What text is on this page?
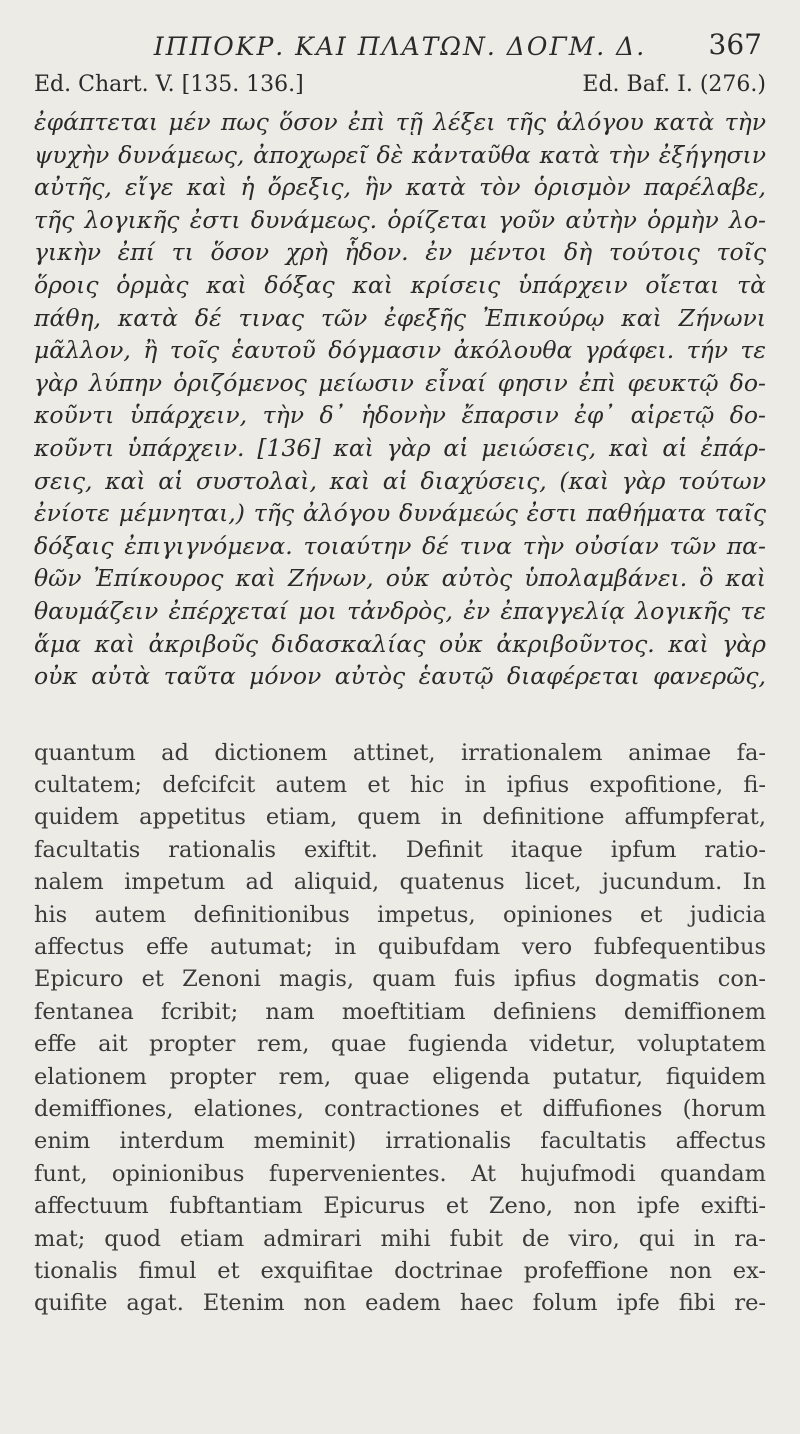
ΙΠΠΟΚΡ. ΚΑΙ ΠΛΑΤΩΝ. ΔΟΓΜ. Δ.	367
Ed. Chart. V. [135. 136.]	Ed. Baf. I. (276.)
ἐφάπτεται μέν πως ὅσον ἐπὶ τῇ λέξει τῆς ἀλόγου κατὰ τὴν
ψυχὴν δυνάμεως, ἀποχωρεῖ δὲ κἀνταῦθα κατὰ τὴν ἐξήγησιν
αὐτῆς, εἴγε καὶ ἡ ὄρεξις, ἣν κατὰ τὸν ὁρισμὸν παρέλαβε,
τῆς λογικῆς ἐστι δυνάμεως. ὁρίζεται γοῦν αὐτὴν ὁρμὴν λο-
γικὴν ἐπί τι ὅσον χρὴ ἧδον. ἐν μέντοι δὴ τούτοις τοῖς
ὅροις ὁρμὰς καὶ δόξας καὶ κρίσεις ὑπάρχειν οἴεται τὰ
πάθη, κατὰ δέ τινας τῶν ἐφεξῆς Ἐπικούρῳ καὶ Ζήνωνι
μᾶλλον, ἢ τοῖς ἑαυτοῦ δόγμασιν ἀκόλουθα γράφει. τήν τε
γὰρ λύπην ὁριζόμενος μείωσιν εἶναί φησιν ἐπὶ φευκτῷ δο-
κοῦντι ὑπάρχειν, τὴν δ᾽ ἡδονὴν ἔπαρσιν ἐφ᾽ αἱρετῷ δο-
κοῦντι ὑπάρχειν. [136] καὶ γὰρ αἱ μειώσεις, καὶ αἱ ἐπάρ-
σεις, καὶ αἱ συστολαὶ, καὶ αἱ διαχύσεις, (καὶ γὰρ τούτων
ἐνίοτε μέμνηται,) τῆς ἀλόγου δυνάμεώς ἐστι παθήματα ταῖς
δόξαις ἐπιγιγνόμενα. τοιαύτην δέ τινα τὴν οὐσίαν τῶν πα-
θῶν Ἐπίκουρος καὶ Ζήνων, οὐκ αὐτὸς ὑπολαμβάνει. ὃ καὶ
θαυμάζειν ἐπέρχεταί μοι τἀνδρὸς, ἐν ἐπαγγελίᾳ λογικῆς τε
ἅμα καὶ ἀκριβοῦς διδασκαλίας οὐκ ἀκριβοῦντος. καὶ γὰρ
οὐκ αὐτὰ ταῦτα μόνον αὐτὸς ἑαυτῷ διαφέρεται φανερῶς,
quantum ad dictionem attinet, irrationalem animae fa-
cultatem; defcifcit autem et hic in ipfius expofitione, fi-
quidem appetitus etiam, quem in definitione affumpferat,
facultatis rationalis exiftit. Definit itaque ipfum ratio-
nalem impetum ad aliquid, quatenus licet, jucundum. In
his autem definitionibus impetus, opiniones et judicia
affectus effe autumat; in quibufdam vero fubfequentibus
Epicuro et Zenoni magis, quam fuis ipfius dogmatis con-
fentanea fcribit; nam moeftitiam definiens demiffionem
effe ait propter rem, quae fugienda videtur, voluptatem
elationem propter rem, quae eligenda putatur, fiquidem
demiffiones, elationes, contractiones et diffufiones (horum
enim interdum meminit) irrationalis facultatis affectus
funt, opinionibus fupervenientes. At hujufmodi quandam
affectuum fubftantiam Epicurus et Zeno, non ipfe exifti-
mat; quod etiam admirari mihi fubit de viro, qui in ra-
tionalis fimul et exquifitae doctrinae profeffione non ex-
quifite agat. Etenim non eadem haec folum ipfe fibi re-
